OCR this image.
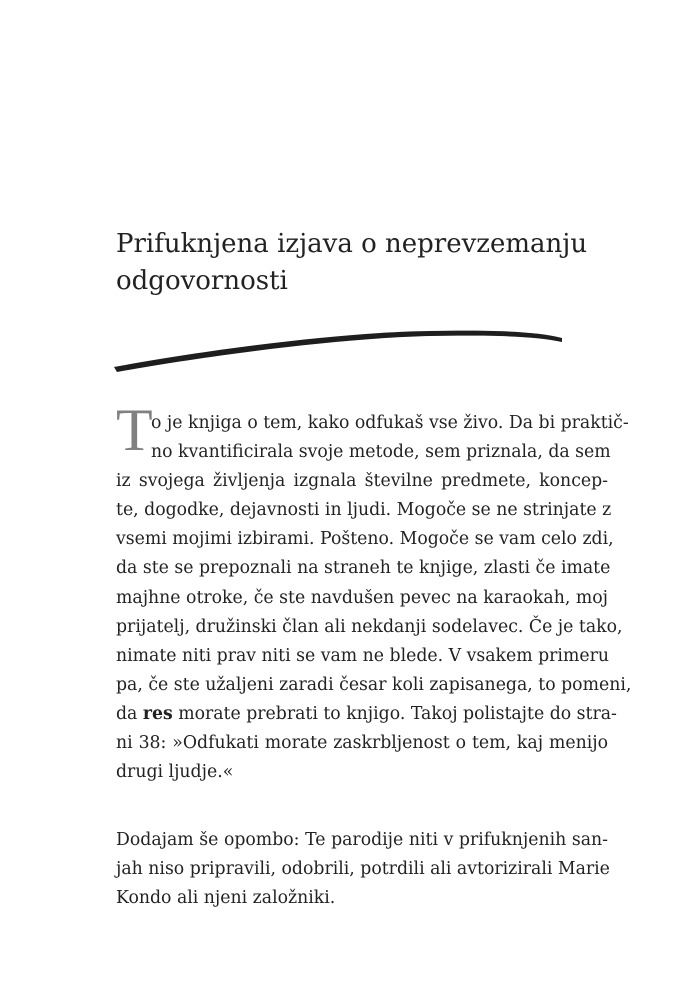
Prifuknjena izjava o neprevzemanju
odgovornosti
T
o je knjiga o tem, kako odfukaš vse živo. Da bi praktič-
no kvantificirala svoje metode, sem priznala, da sem
iz svojega življenja izgnala številne predmete, koncep-
te, dogodke, dejavnosti in ljudi. Mogoče se ne strinjate z
vsemi mojimi izbirami. Pošteno. Mogoče se vam celo zdi,
da ste se prepoznali na straneh te knjige, zlasti če imate
majhne otroke, če ste navdušen pevec na karaokah, moj
prijatelj, družinski član ali nekdanji sodelavec. Če je tako,
nimate niti prav niti se vam ne blede. V vsakem primeru
pa, če ste užaljeni zaradi česar koli zapisanega, to pomeni,
da res morate prebrati to knjigo. Takoj polistajte do stra-
ni 38: »Odfukati morate zaskrbljenost o tem, kaj menijo
drugi ljudje.«
Dodajam še opombo: Te parodije niti v prifuknjenih san-
jah niso pripravili, odobrili, potrdili ali avtorizirali Marie
Kondo ali njeni založniki.
